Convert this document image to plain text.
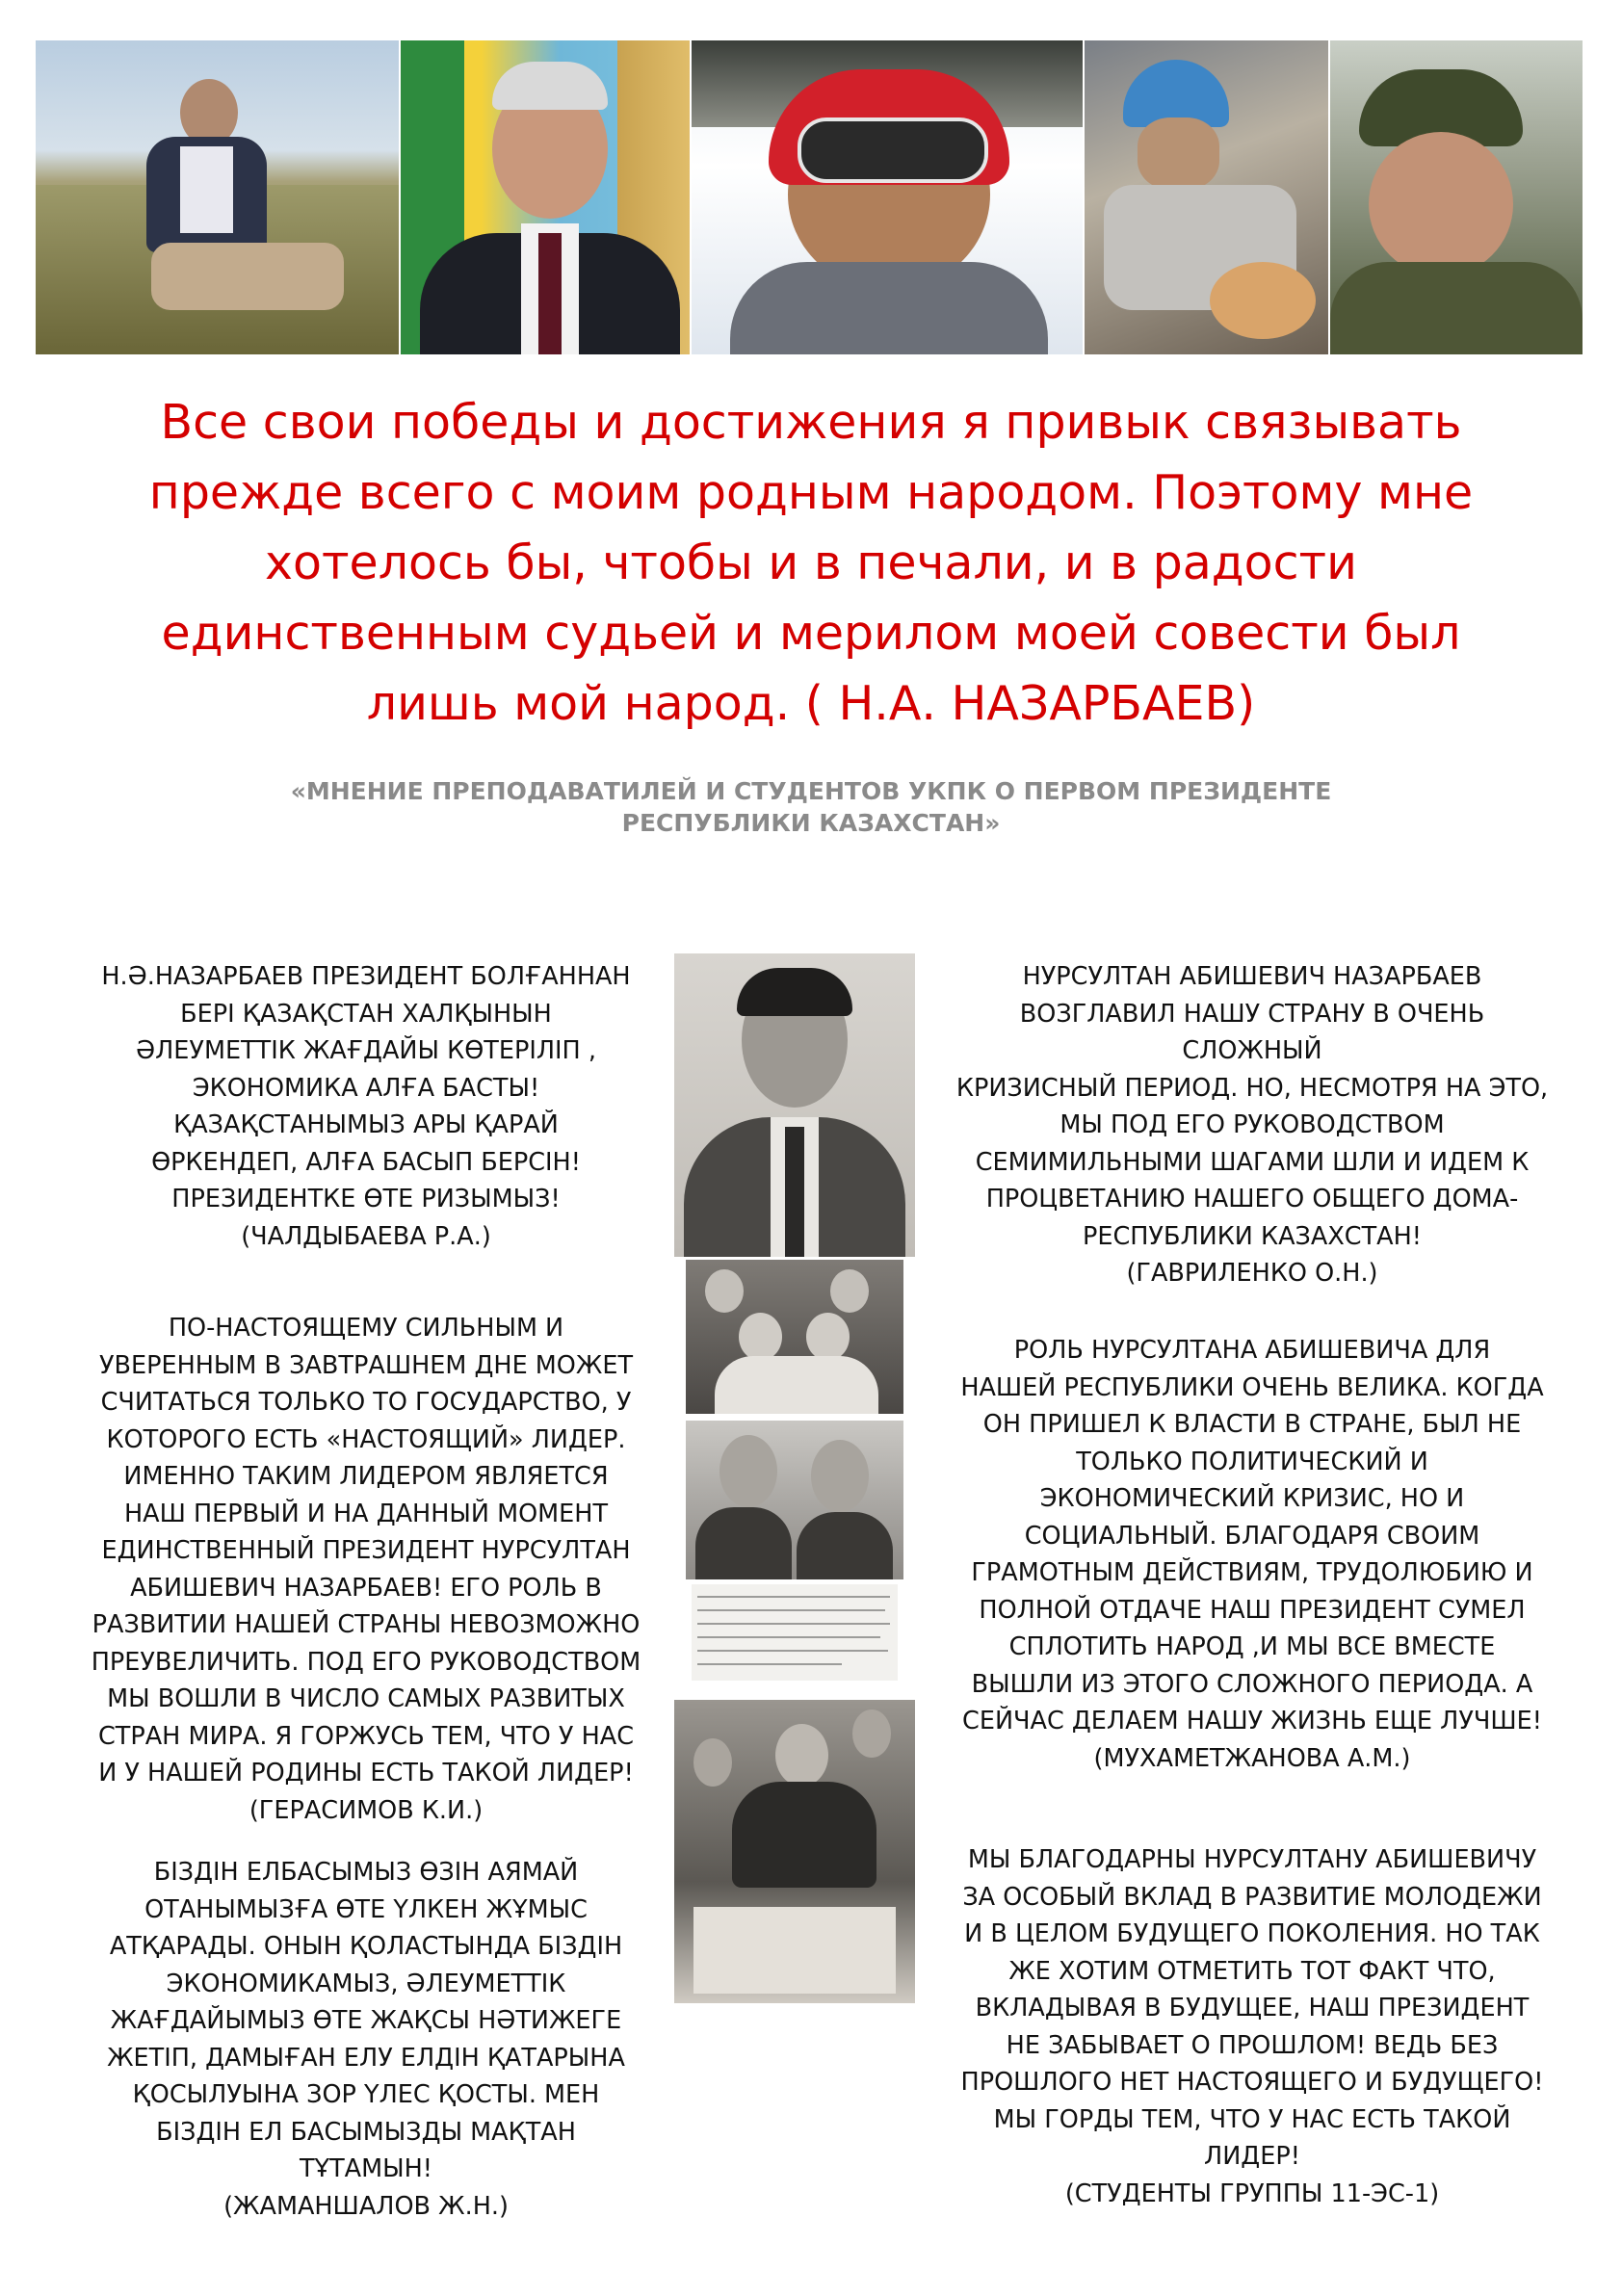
Все свои победы и достижения я привык связывать
прежде всего с моим родным народом. Поэтому мне
хотелось бы, чтобы и в печали, и в радости
единственным судьей и мерилом моей совести был
лишь мой народ. ( Н.А. НАЗАРБАЕВ)

«МНЕНИЕ ПРЕПОДАВАТИЛЕЙ И СТУДЕНТОВ УКПК О ПЕРВОМ ПРЕЗИДЕНТЕ
РЕСПУБЛИКИ КАЗАХСТАН»

Н.Ә.НАЗАРБАЕВ ПРЕЗИДЕНТ БОЛҒАННАН
БЕРІ ҚАЗАҚСТАН ХАЛҚЫНЫН
ӘЛЕУМЕТТІК ЖАҒДАЙЫ КӨТЕРІЛІП ,
ЭКОНОМИКА АЛҒА БАСТЫ!
ҚАЗАҚСТАНЫМЫЗ АРЫ ҚАРАЙ
ӨРКЕНДЕП, АЛҒА БАСЫП БЕРСІН!
ПРЕЗИДЕНТКЕ ӨТЕ РИЗЫМЫЗ!
(ЧАЛДЫБАЕВА Р.А.)

ПО-НАСТОЯЩЕМУ СИЛЬНЫМ И
УВЕРЕННЫМ В ЗАВТРАШНЕМ ДНЕ МОЖЕТ
СЧИТАТЬСЯ ТОЛЬКО ТО ГОСУДАРСТВО, У
КОТОРОГО ЕСТЬ «НАСТОЯЩИЙ» ЛИДЕР.
ИМЕННО ТАКИМ ЛИДЕРОМ ЯВЛЯЕТСЯ
НАШ ПЕРВЫЙ И НА ДАННЫЙ МОМЕНТ
ЕДИНСТВЕННЫЙ ПРЕЗИДЕНТ НУРСУЛТАН
АБИШЕВИЧ НАЗАРБАЕВ! ЕГО РОЛЬ В
РАЗВИТИИ НАШЕЙ СТРАНЫ НЕВОЗМОЖНО
ПРЕУВЕЛИЧИТЬ. ПОД ЕГО РУКОВОДСТВОМ
МЫ ВОШЛИ В ЧИСЛО САМЫХ РАЗВИТЫХ
СТРАН МИРА. Я ГОРЖУСЬ ТЕМ, ЧТО У НАС
И У НАШЕЙ РОДИНЫ ЕСТЬ ТАКОЙ ЛИДЕР!
(ГЕРАСИМОВ К.И.)

БІЗДІН ЕЛБАСЫМЫЗ ӨЗІН АЯМАЙ
ОТАНЫМЫЗҒА ӨТЕ ҮЛКЕН ЖҰМЫС
АТҚАРАДЫ. ОНЫН ҚОЛАСТЫНДА БІЗДІН
ЭКОНОМИКАМЫЗ, ӘЛЕУМЕТТІК
ЖАҒДАЙЫМЫЗ ӨТЕ ЖАҚСЫ НӘТИЖЕГЕ
ЖЕТІП, ДАМЫҒАН ЕЛУ ЕЛДІН ҚАТАРЫНА
ҚОСЫЛУЫНА ЗОР ҮЛЕС ҚОСТЫ. МЕН
БІЗДІН ЕЛ БАСЫМЫЗДЫ МАҚТАН
ТҰТАМЫН!
(ЖАМАНШАЛОВ Ж.Н.)

НУРСУЛТАН АБИШЕВИЧ НАЗАРБАЕВ
ВОЗГЛАВИЛ НАШУ СТРАНУ В ОЧЕНЬ СЛОЖНЫЙ
КРИЗИСНЫЙ ПЕРИОД. НО, НЕСМОТРЯ НА ЭТО,
МЫ ПОД ЕГО РУКОВОДСТВОМ
СЕМИМИЛЬНЫМИ ШАГАМИ ШЛИ И ИДЕМ К
ПРОЦВЕТАНИЮ НАШЕГО ОБЩЕГО ДОМА-
РЕСПУБЛИКИ КАЗАХСТАН!
(ГАВРИЛЕНКО О.Н.)

РОЛЬ НУРСУЛТАНА АБИШЕВИЧА ДЛЯ
НАШЕЙ РЕСПУБЛИКИ ОЧЕНЬ ВЕЛИКА. КОГДА
ОН ПРИШЕЛ К ВЛАСТИ В СТРАНЕ, БЫЛ НЕ
ТОЛЬКО ПОЛИТИЧЕСКИЙ И
ЭКОНОМИЧЕСКИЙ КРИЗИС, НО И
СОЦИАЛЬНЫЙ. БЛАГОДАРЯ СВОИМ
ГРАМОТНЫМ ДЕЙСТВИЯМ, ТРУДОЛЮБИЮ И
ПОЛНОЙ ОТДАЧЕ НАШ ПРЕЗИДЕНТ СУМЕЛ
СПЛОТИТЬ НАРОД ,И МЫ ВСЕ ВМЕСТЕ
ВЫШЛИ ИЗ ЭТОГО СЛОЖНОГО ПЕРИОДА. А
СЕЙЧАС ДЕЛАЕМ НАШУ ЖИЗНЬ ЕЩЕ ЛУЧШЕ!
(МУХАМЕТЖАНОВА А.М.)

МЫ БЛАГОДАРНЫ НУРСУЛТАНУ АБИШЕВИЧУ
ЗА ОСОБЫЙ ВКЛАД В РАЗВИТИЕ МОЛОДЕЖИ
И В ЦЕЛОМ БУДУЩЕГО ПОКОЛЕНИЯ. НО ТАК
ЖЕ ХОТИМ ОТМЕТИТЬ ТОТ ФАКТ ЧТО,
ВКЛАДЫВАЯ В БУДУЩЕЕ, НАШ ПРЕЗИДЕНТ
НЕ ЗАБЫВАЕТ О ПРОШЛОМ! ВЕДЬ БЕЗ
ПРОШЛОГО НЕТ НАСТОЯЩЕГО И БУДУЩЕГО!
МЫ ГОРДЫ ТЕМ, ЧТО У НАС ЕСТЬ ТАКОЙ
ЛИДЕР!
(СТУДЕНТЫ ГРУППЫ 11-ЭС-1)
